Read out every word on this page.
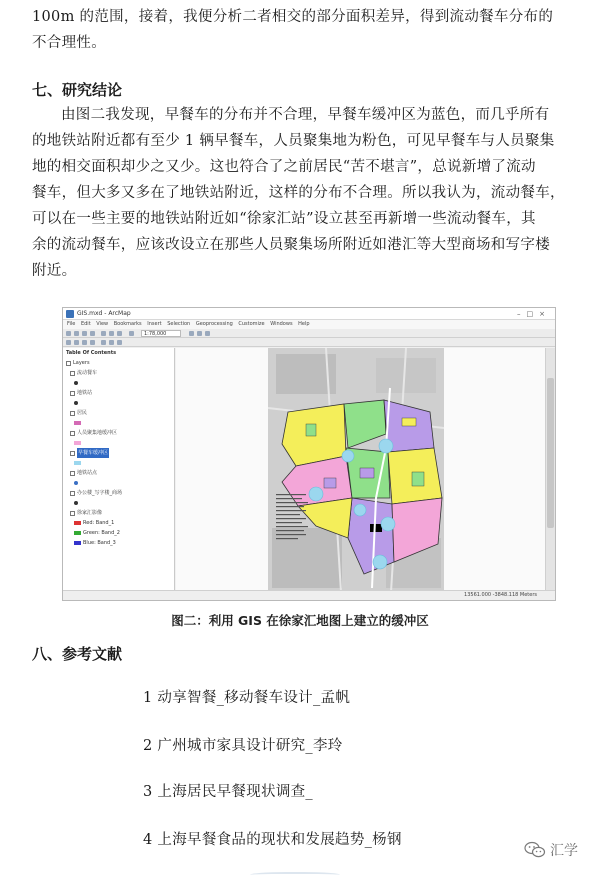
100m 的范围，接着，我便分析二者相交的部分面积差异，得到流动餐车分布的
不合理性。
七、研究结论
由图二我发现，早餐车的分布并不合理，早餐车缓冲区为蓝色，而几乎所有
的地铁站附近都有至少 1 辆早餐车，人员聚集地为粉色，可见早餐车与人员聚集
地的相交面积却少之又少。这也符合了之前居民“苦不堪言”，总说新增了流动
餐车，但大多又多在了地铁站附近，这样的分布不合理。所以我认为，流动餐车，
可以在一些主要的地铁站附近如“徐家汇站”设立甚至再新增一些流动餐车，其
余的流动餐车，应该改设立在那些人员聚集场所附近如港汇等大型商场和写字楼
附近。
GIS.mxd - ArcMap	–□×
File Edit View Bookmarks Insert Selection Geoprocessing Customize Windows Help
1:78,000
Table Of Contents
Layers
流动餐车
地铁站
居民
人员聚集地缓冲区
早餐车缓冲区
地铁站点
办公楼_写字楼_商场
徐家汇影像
Red: Band_1
Green: Band_2
Blue: Band_3
13561.000 -3848.118 Meters
图二：利用 GIS 在徐家汇地图上建立的缓冲区
八、参考文献
1 动享智餐_移动餐车设计_孟帆
2 广州城市家具设计研究_李玲
3 上海居民早餐现状调查_
4 上海早餐食品的现状和发展趋势_杨钢
汇学
